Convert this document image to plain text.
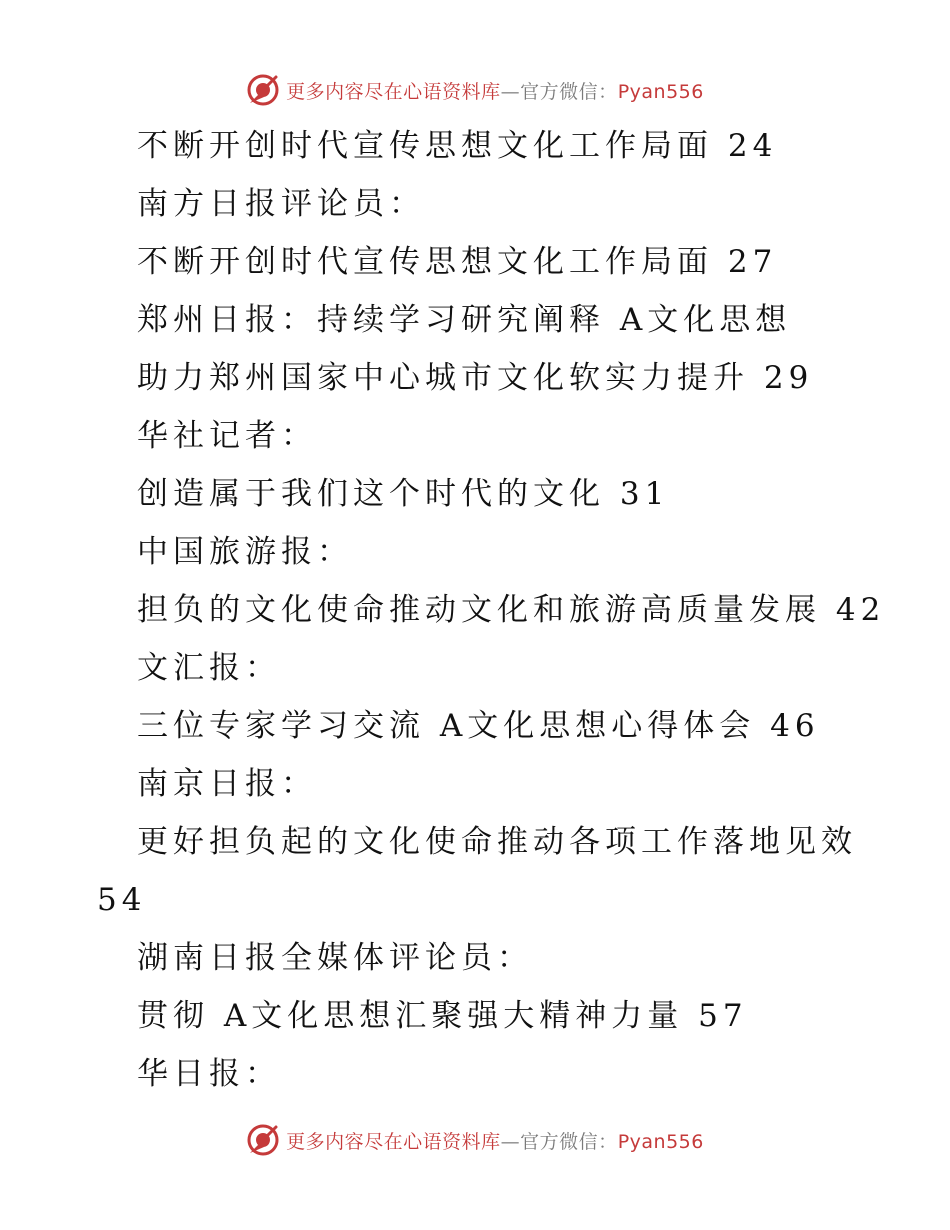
更多内容尽在心语资料库—官方微信：Pyan556
不断开创时代宣传思想文化工作局面 24
南方日报评论员：
不断开创时代宣传思想文化工作局面 27
郑州日报：持续学习研究阐释 A文化思想
助力郑州国家中心城市文化软实力提升 29
华社记者：
创造属于我们这个时代的文化 31
中国旅游报：
担负的文化使命推动文化和旅游高质量发展 42
文汇报：
三位专家学习交流 A文化思想心得体会 46
南京日报：
更好担负起的文化使命推动各项工作落地见效
54
湖南日报全媒体评论员：
贯彻 A文化思想汇聚强大精神力量 57
华日报：
更多内容尽在心语资料库—官方微信：Pyan556
